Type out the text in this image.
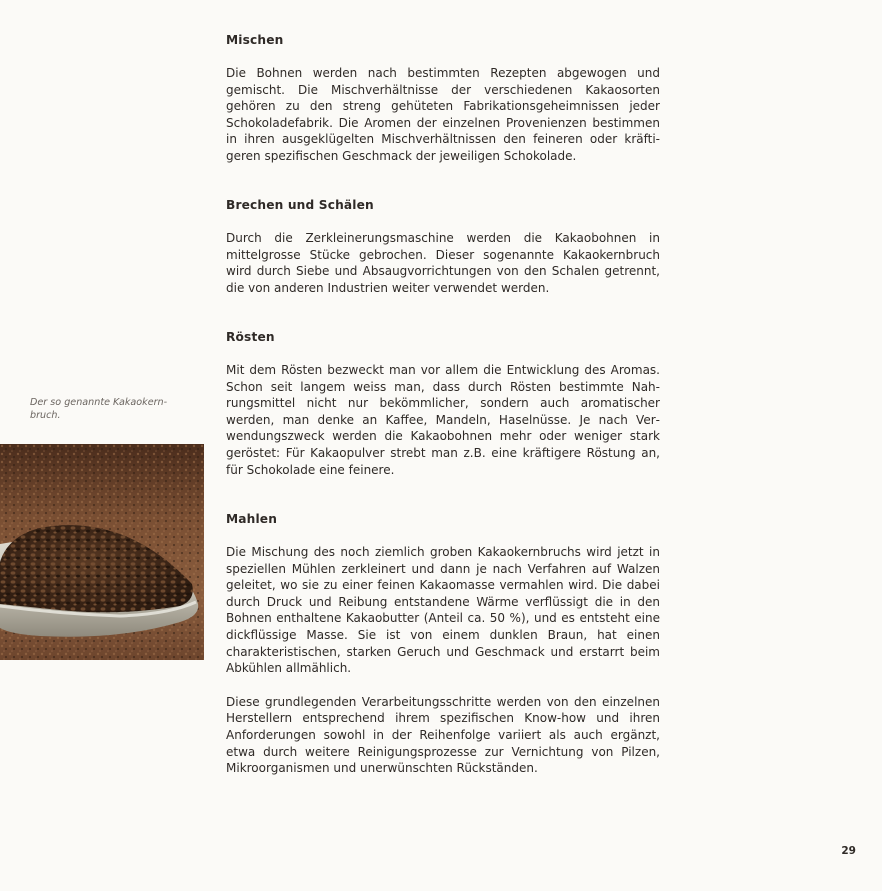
Mischen

Die Bohnen werden nach bestimmten Rezepten abgewogen und gemischt. Die Mischverhältnisse der verschiedenen Kakaosorten gehören zu den streng gehüteten Fabrikationsgeheimnissen jeder Schokoladefabrik. Die Aromen der einzelnen Provenienzen bestimmen in ihren ausgeklügelten Mischverhältnissen den feineren oder kräftigeren spezifischen Geschmack der jeweiligen Schokolade.

Brechen und Schälen

Durch die Zerkleinerungsmaschine werden die Kakaobohnen in mittelgrosse Stücke gebrochen. Dieser sogenannte Kakaokernbruch wird durch Siebe und Absaugvorrichtungen von den Schalen getrennt, die von anderen Industrien weiter verwendet werden.

Rösten

Mit dem Rösten bezweckt man vor allem die Entwicklung des Aromas. Schon seit langem weiss man, dass durch Rösten bestimmte Nahrungsmittel nicht nur bekömmlicher, sondern auch aromatischer werden, man denke an Kaffee, Mandeln, Haselnüsse. Je nach Verwendungszweck werden die Kakaobohnen mehr oder weniger stark geröstet: Für Kakaopulver strebt man z.B. eine kräftigere Röstung an, für Schokolade eine feinere.

Mahlen

Die Mischung des noch ziemlich groben Kakaokernbruchs wird jetzt in speziellen Mühlen zerkleinert und dann je nach Verfahren auf Walzen geleitet, wo sie zu einer feinen Kakaomasse vermahlen wird. Die dabei durch Druck und Reibung entstandene Wärme verflüssigt die in den Bohnen enthaltene Kakaobutter (Anteil ca. 50 %), und es entsteht eine dickflüssige Masse. Sie ist von einem dunklen Braun, hat einen charakteristischen, starken Geruch und Geschmack und erstarrt beim Abkühlen allmählich.

Diese grundlegenden Verarbeitungsschritte werden von den einzelnen Herstellern entsprechend ihrem spezifischen Know-how und ihren Anforderungen sowohl in der Reihenfolge variiert als auch ergänzt, etwa durch weitere Reinigungsprozesse zur Vernichtung von Pilzen, Mikroorganismen und unerwünschten Rückständen.

Der so genannte Kakaokernbruch.
29
